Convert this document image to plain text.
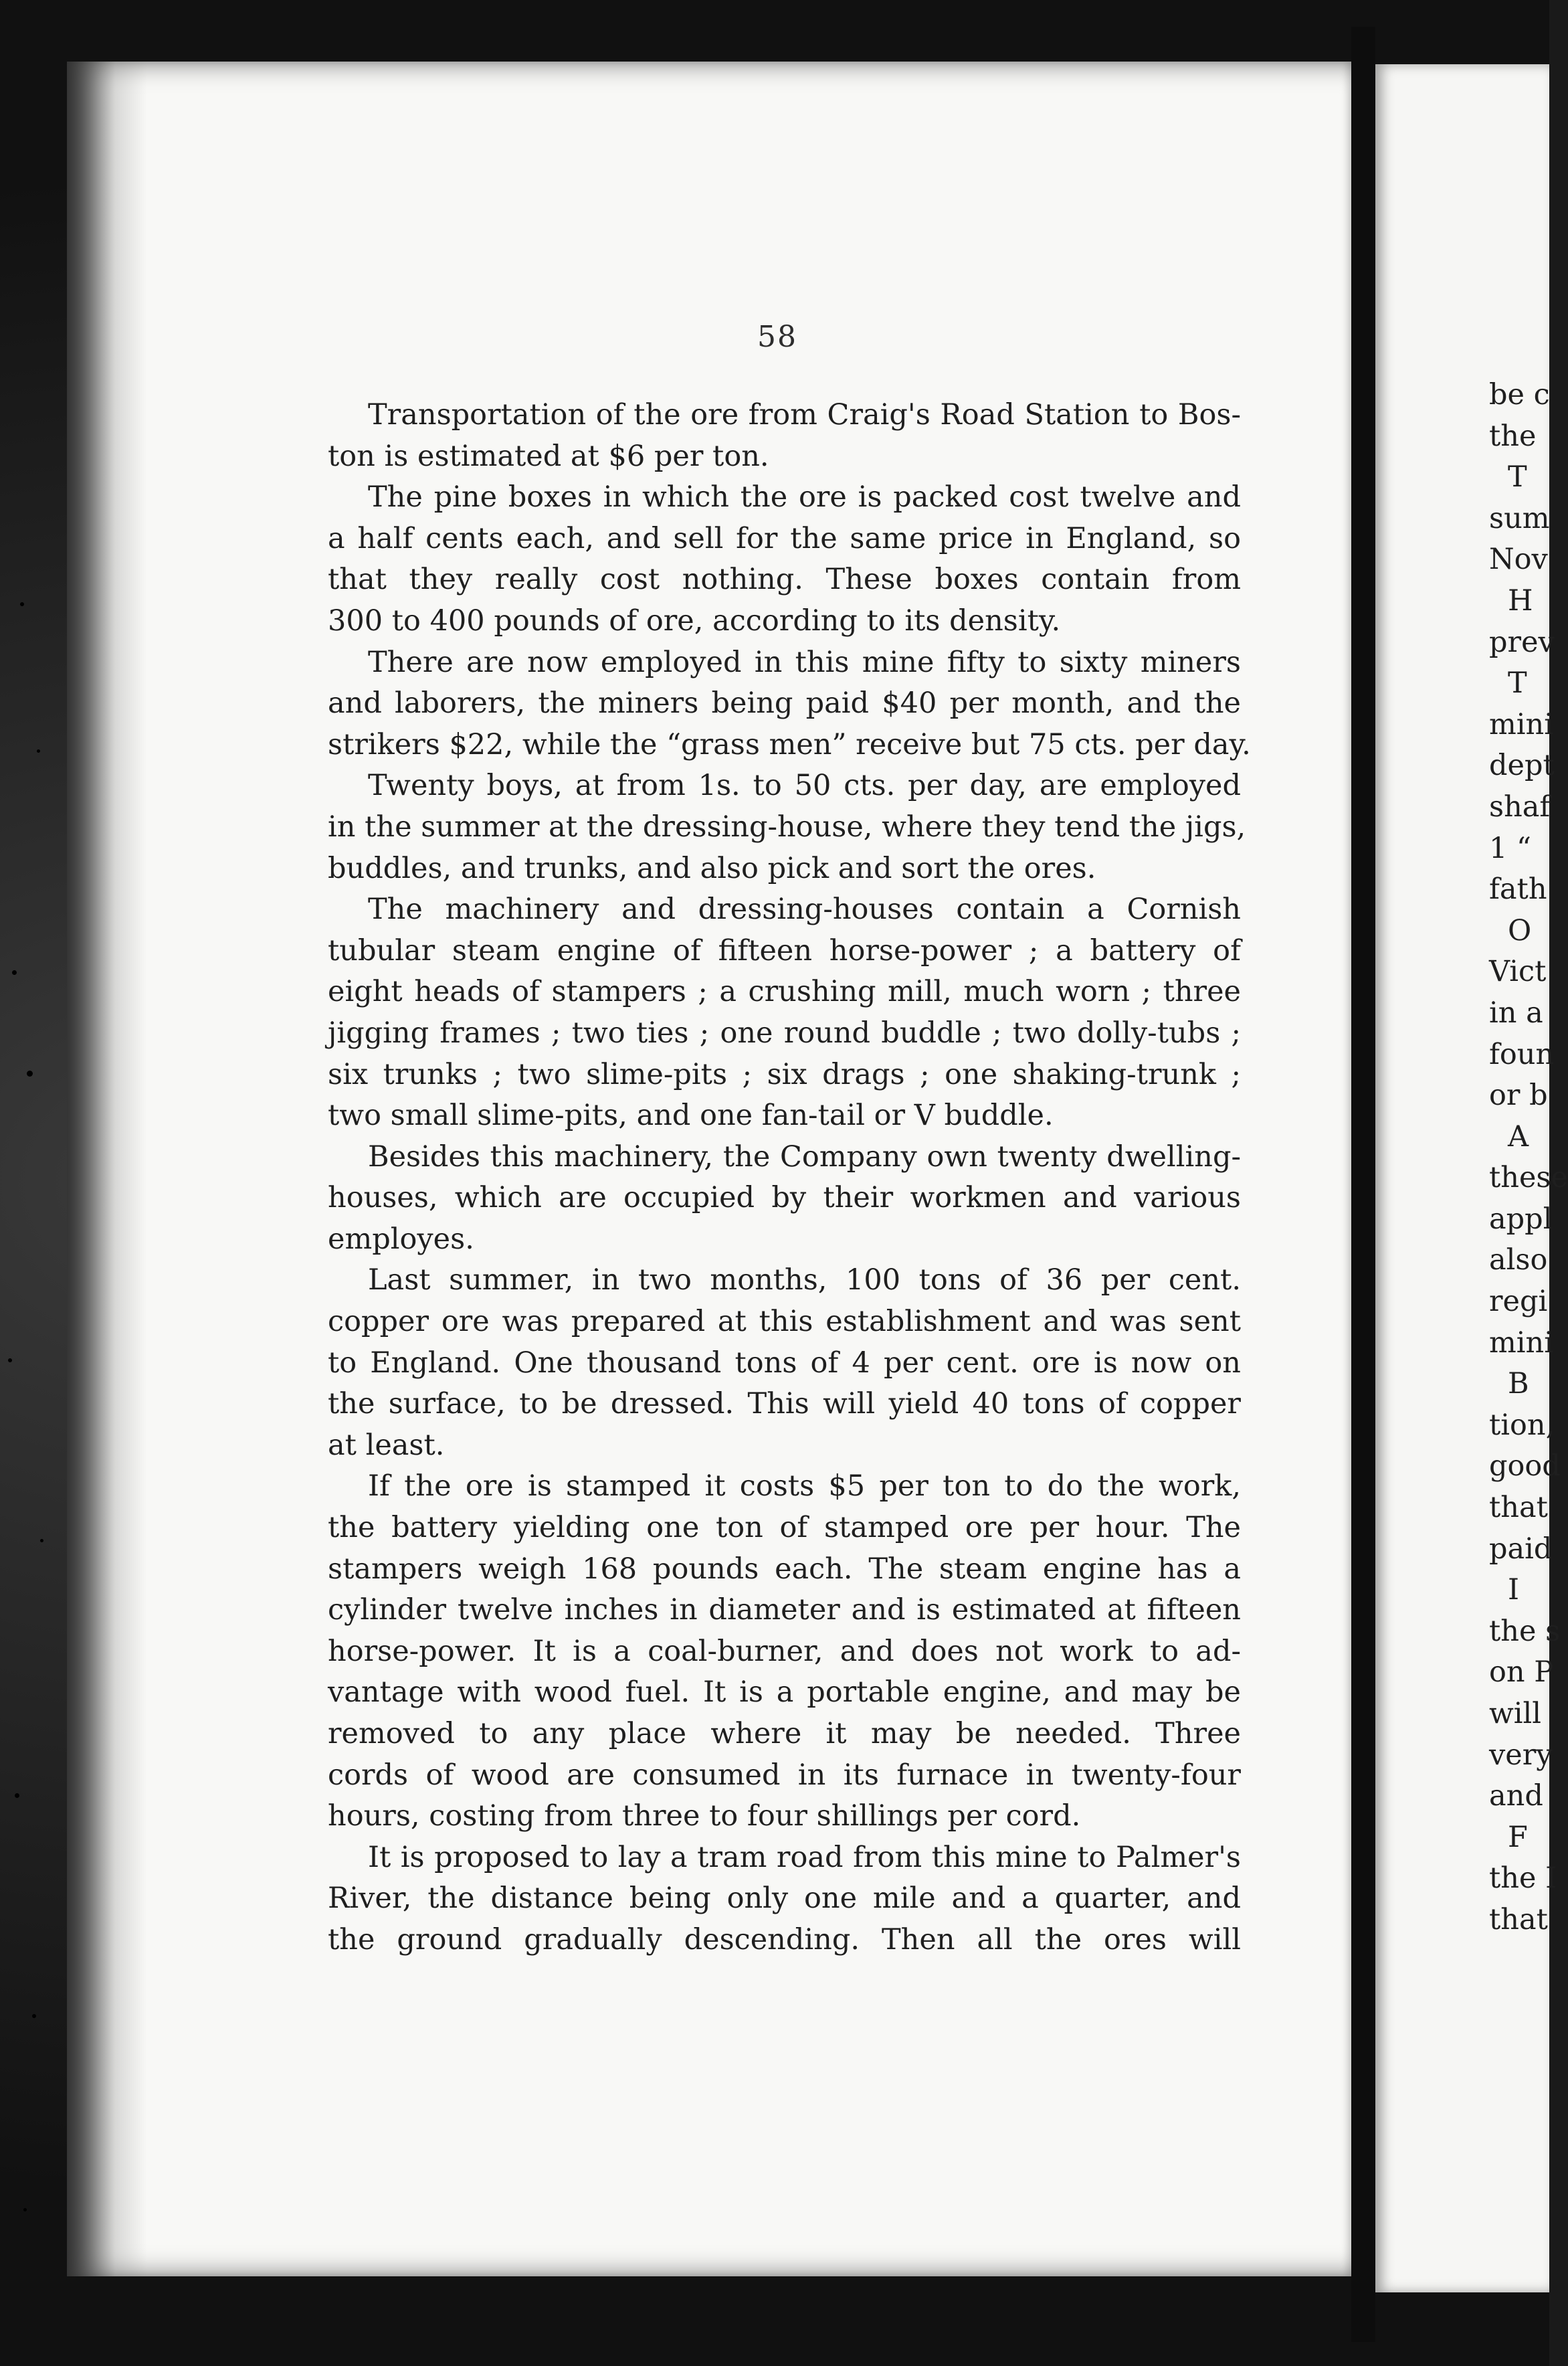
58
Transportation of the ore from Craig's Road Station to Bos-
ton is estimated at $6 per ton.
The pine boxes in which the ore is packed cost twelve and
a half cents each, and sell for the same price in England, so
that they really cost nothing. These boxes contain from
300 to 400 pounds of ore, according to its density.
There are now employed in this mine fifty to sixty miners
and laborers, the miners being paid $40 per month, and the
strikers $22, while the “grass men” receive but 75 cts. per day.
Twenty boys, at from 1s. to 50 cts. per day, are employed
in the summer at the dressing-house, where they tend the jigs,
buddles, and trunks, and also pick and sort the ores.
The machinery and dressing-houses contain a Cornish
tubular steam engine of fifteen horse-power ; a battery of
eight heads of stampers ; a crushing mill, much worn ; three
jigging frames ; two ties ; one round buddle ; two dolly-tubs ;
six trunks ; two slime-pits ; six drags ; one shaking-trunk ;
two small slime-pits, and one fan-tail or V buddle.
Besides this machinery, the Company own twenty dwelling-
houses, which are occupied by their workmen and various
employes.
Last summer, in two months, 100 tons of 36 per cent.
copper ore was prepared at this establishment and was sent
to England. One thousand tons of 4 per cent. ore is now on
the surface, to be dressed. This will yield 40 tons of copper
at least.
If the ore is stamped it costs $5 per ton to do the work,
the battery yielding one ton of stamped ore per hour. The
stampers weigh 168 pounds each. The steam engine has a
cylinder twelve inches in diameter and is estimated at fifteen
horse-power. It is a coal-burner, and does not work to ad-
vantage with wood fuel. It is a portable engine, and may be
removed to any place where it may be needed. Three
cords of wood are consumed in its furnace in twenty-four
hours, costing from three to four shillings per cord.
It is proposed to lay a tram road from this mine to Palmer's
River, the distance being only one mile and a quarter, and
the ground gradually descending. Then all the ores will
be c
the
T
sum
Nov
H
prev
T
mini
dept
shaf
1 “
fath
O
Vict
in a
foun
or b
A
these
appl
also
regi
mini
B
tion,
good
that
paid
I
the s
on P
will
very
and
F
the I
that
